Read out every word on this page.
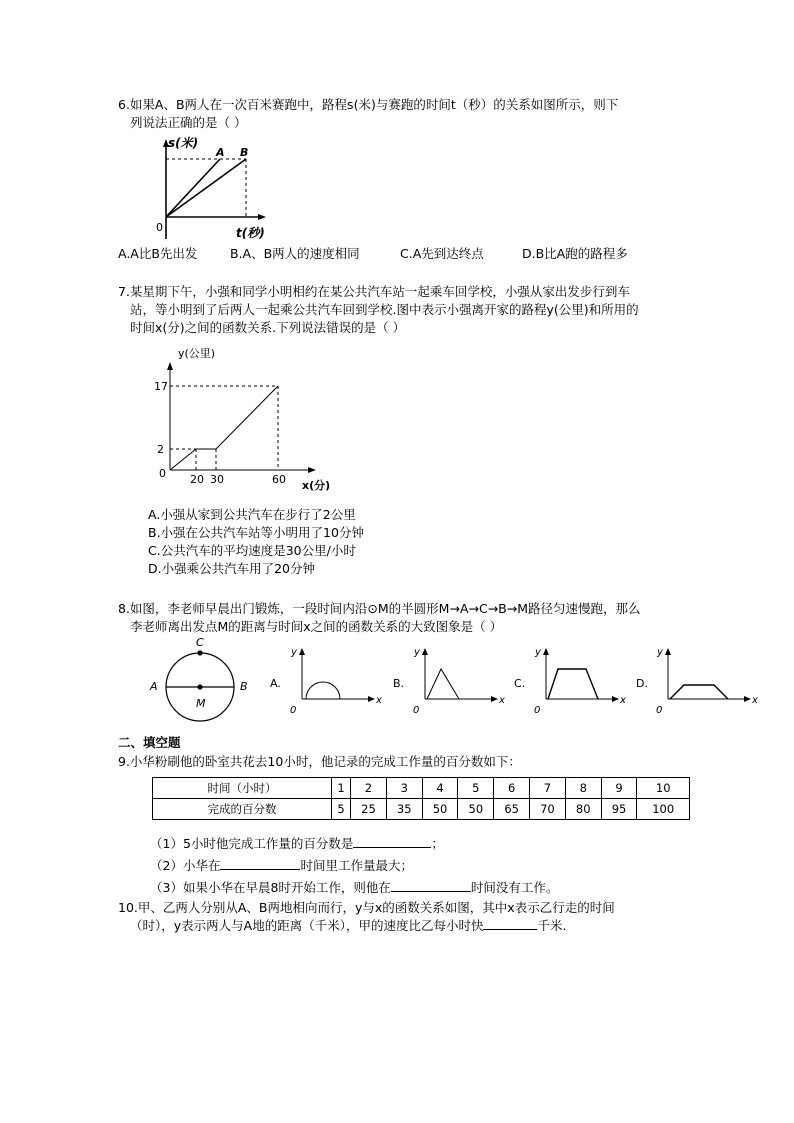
6.如果A、B两人在一次百米赛跑中，路程s(米)与赛跑的时间t（秒）的关系如图所示，则下
列说法正确的是（ ）
s(米)
A B
0	t(秒)
A.A比B先出发	B.A、B两人的速度相同	C.A先到达终点	D.B比A跑的路程多
7.某星期下午，小强和同学小明相约在某公共汽车站一起乘车回学校，小强从家出发步行到车
站，等小明到了后两人一起乘公共汽车回到学校.图中表示小强离开家的路程y(公里)和所用的
时间x(分)之间的函数关系.下列说法错误的是（ ）
y(公里)
17
2
0 20 30	60 x(分)
A.小强从家到公共汽车在步行了2公里
B.小强在公共汽车站等小明用了10分钟
C.公共汽车的平均速度是30公里/小时
D.小强乘公共汽车用了20分钟
8.如图，李老师早晨出门锻炼，一段时间内沿⊙M的半圆形M→A→C→B→M路径匀速慢跑，那么
李老师离出发点M的距离与时间x之间的函数关系的大致图象是（ ）
C
A	B
M
A.
y
x
0
B.
y
x
0
C.
y
x
0
D.
y
x
0
二、填空题
9.小华粉刷他的卧室共花去10小时，他记录的完成工作量的百分数如下：
时间（小时）	1	2	3	4	5	6	7	8	9	10
完成的百分数	5	25	35	50	50	65	70	80	95	100
（1）5小时他完成工作量的百分数是	；
（2）小华在	时间里工作量最大；
（3）如果小华在早晨8时开始工作，则他在	时间没有工作。
10.甲、乙两人分别从A、B两地相向而行，y与x的函数关系如图，其中x表示乙行走的时间
（时），y表示两人与A地的距离（千米），甲的速度比乙每小时快	千米.
